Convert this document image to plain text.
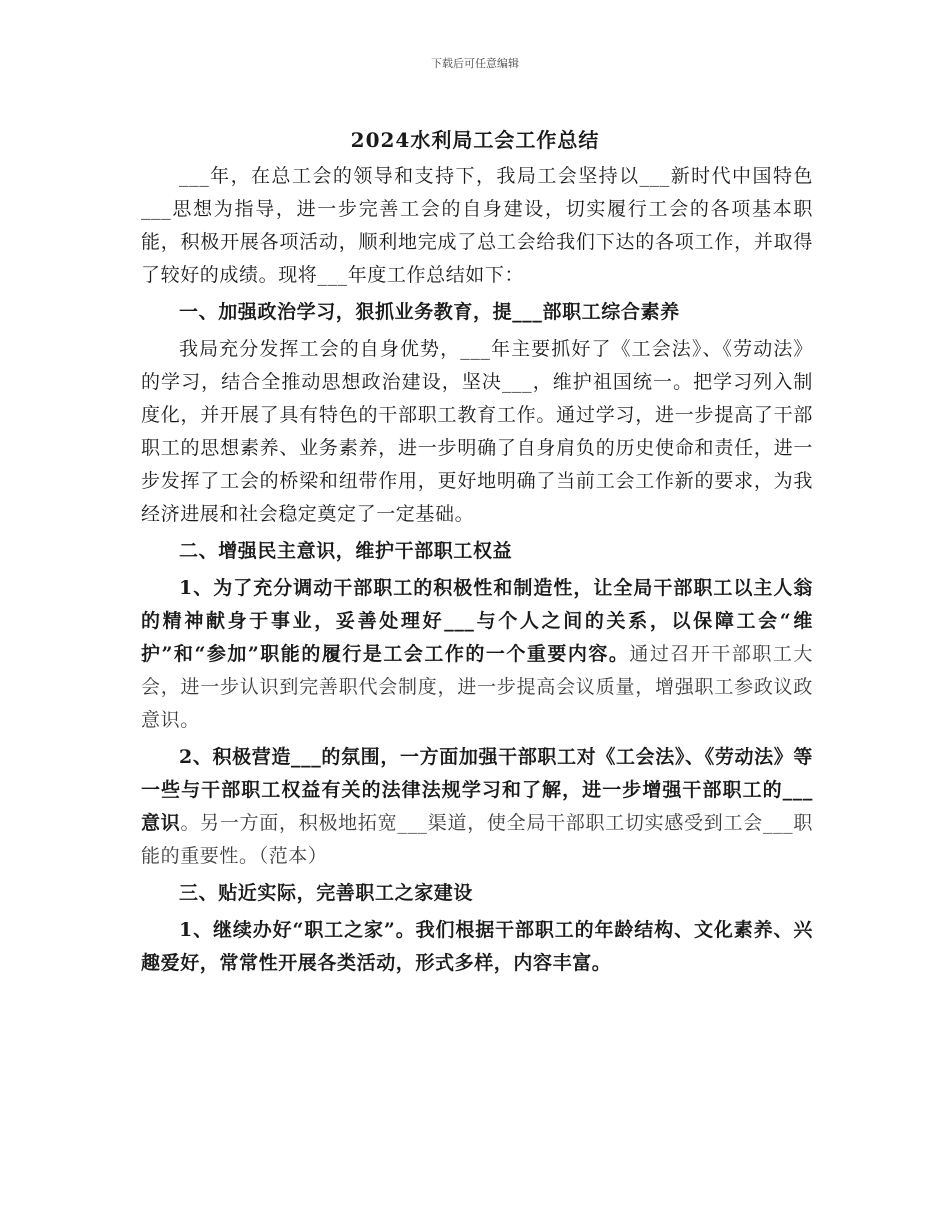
下载后可任意编辑
2024水利局工会工作总结

___年，在总工会的领导和支持下，我局工会坚持以___新时代中国特色___思想为指导，进一步完善工会的自身建设，切实履行工会的各项基本职能，积极开展各项活动，顺利地完成了总工会给我们下达的各项工作，并取得了较好的成绩。现将___年度工作总结如下：

一、加强政治学习，狠抓业务教育，提___部职工综合素养

我局充分发挥工会的自身优势，___年主要抓好了《工会法》、《劳动法》的学习，结合全推动思想政治建设，坚决___，维护祖国统一。把学习列入制度化，并开展了具有特色的干部职工教育工作。通过学习，进一步提高了干部职工的思想素养、业务素养，进一步明确了自身肩负的历史使命和责任，进一步发挥了工会的桥梁和纽带作用，更好地明确了当前工会工作新的要求，为我经济进展和社会稳定奠定了一定基础。

二、增强民主意识，维护干部职工权益

1、为了充分调动干部职工的积极性和制造性，让全局干部职工以主人翁的精神献身于事业，妥善处理好___与个人之间的关系，以保障工会“维护”和“参加”职能的履行是工会工作的一个重要内容。通过召开干部职工大会，进一步认识到完善职代会制度，进一步提高会议质量，增强职工参政议政意识。

2、积极营造___的氛围，一方面加强干部职工对《工会法》、《劳动法》等一些与干部职工权益有关的法律法规学习和了解，进一步增强干部职工的___意识。另一方面，积极地拓宽___渠道，使全局干部职工切实感受到工会___职能的重要性。（范本）

三、贴近实际，完善职工之家建设

1、继续办好“职工之家”。我们根据干部职工的年龄结构、文化素养、兴趣爱好，常常性开展各类活动，形式多样，内容丰富。
